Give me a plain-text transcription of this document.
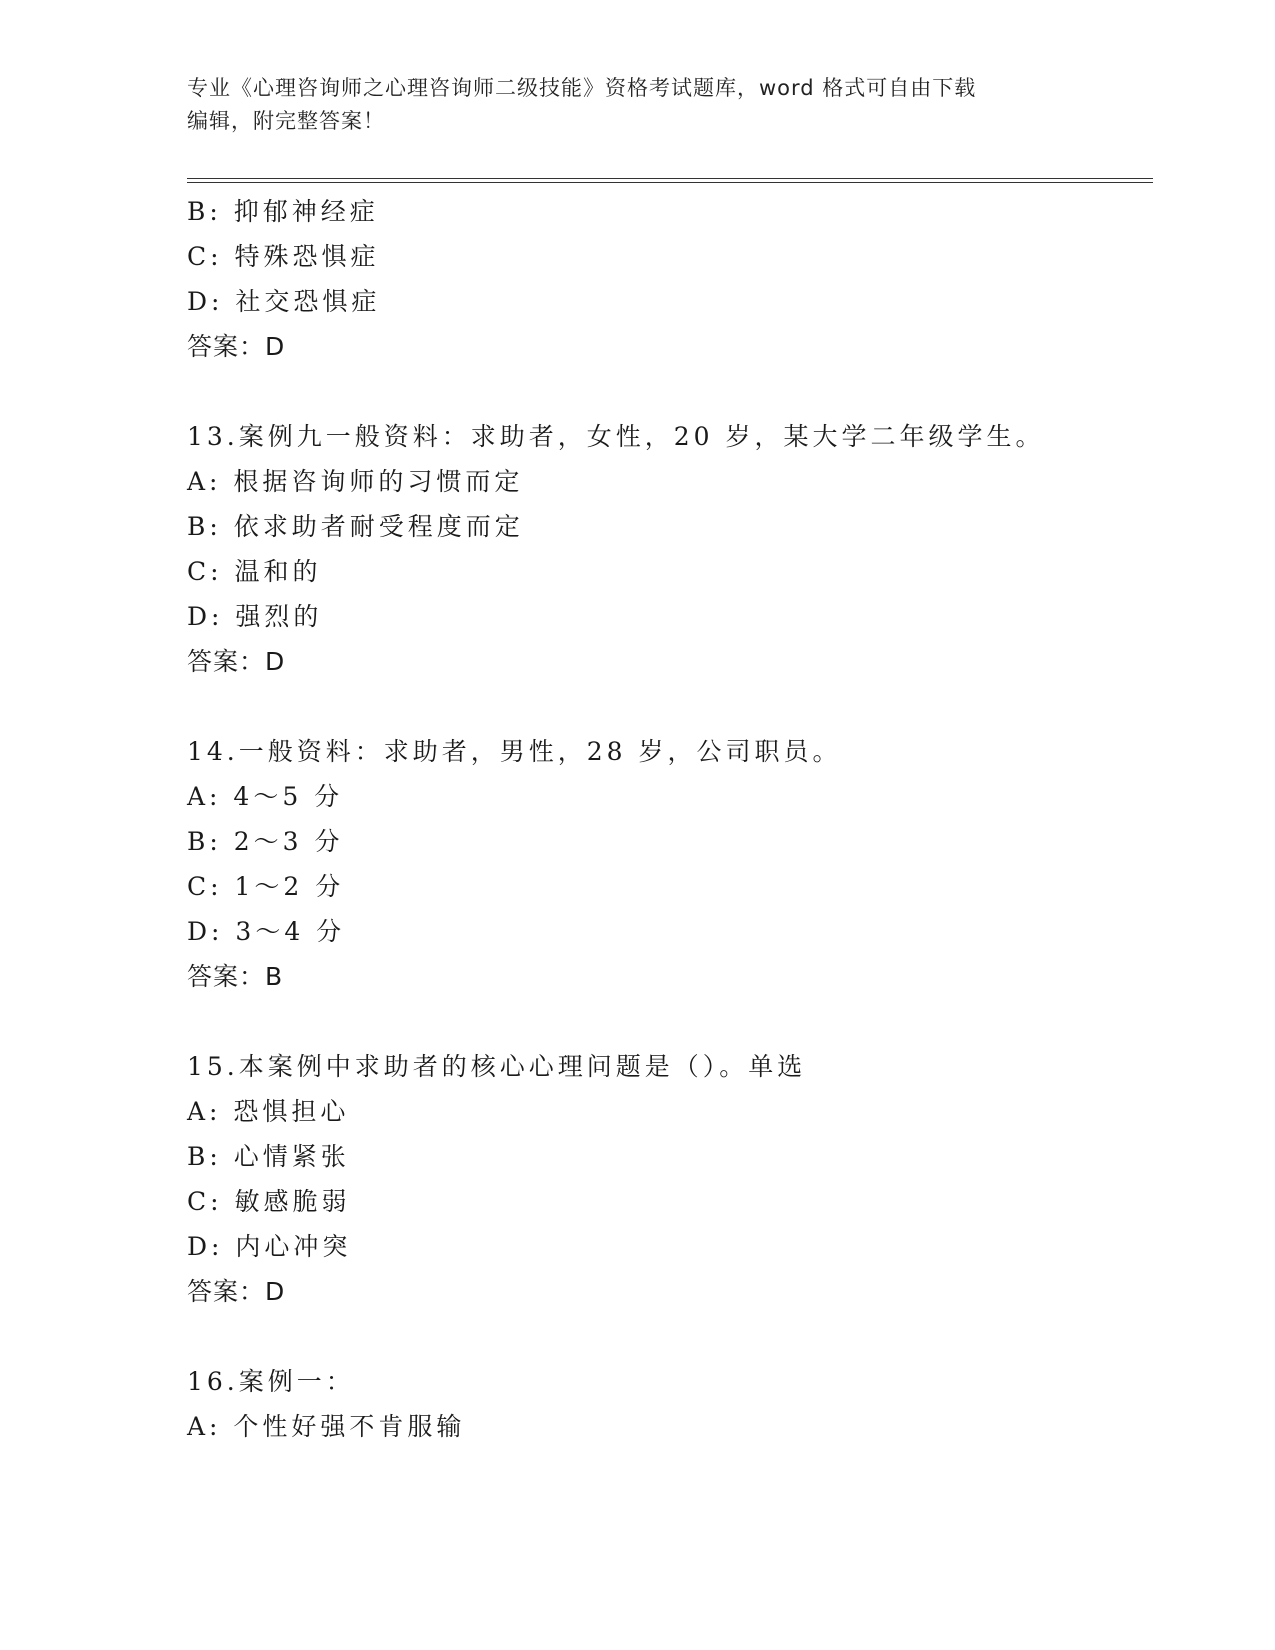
专业《心理咨询师之心理咨询师二级技能》资格考试题库，word 格式可自由下载
编辑，附完整答案！
B: 抑郁神经症
C: 特殊恐惧症
D: 社交恐惧症
答案：D
13.案例九一般资料：求助者，女性，20 岁，某大学二年级学生。
A: 根据咨询师的习惯而定
B: 依求助者耐受程度而定
C: 温和的
D: 强烈的
答案：D
14.一般资料：求助者，男性，28 岁，公司职员。
A: 4～5 分
B: 2～3 分
C: 1～2 分
D: 3～4 分
答案：B
15.本案例中求助者的核心心理问题是（）。单选
A: 恐惧担心
B: 心情紧张
C: 敏感脆弱
D: 内心冲突
答案：D
16.案例一：
A: 个性好强不肯服输
